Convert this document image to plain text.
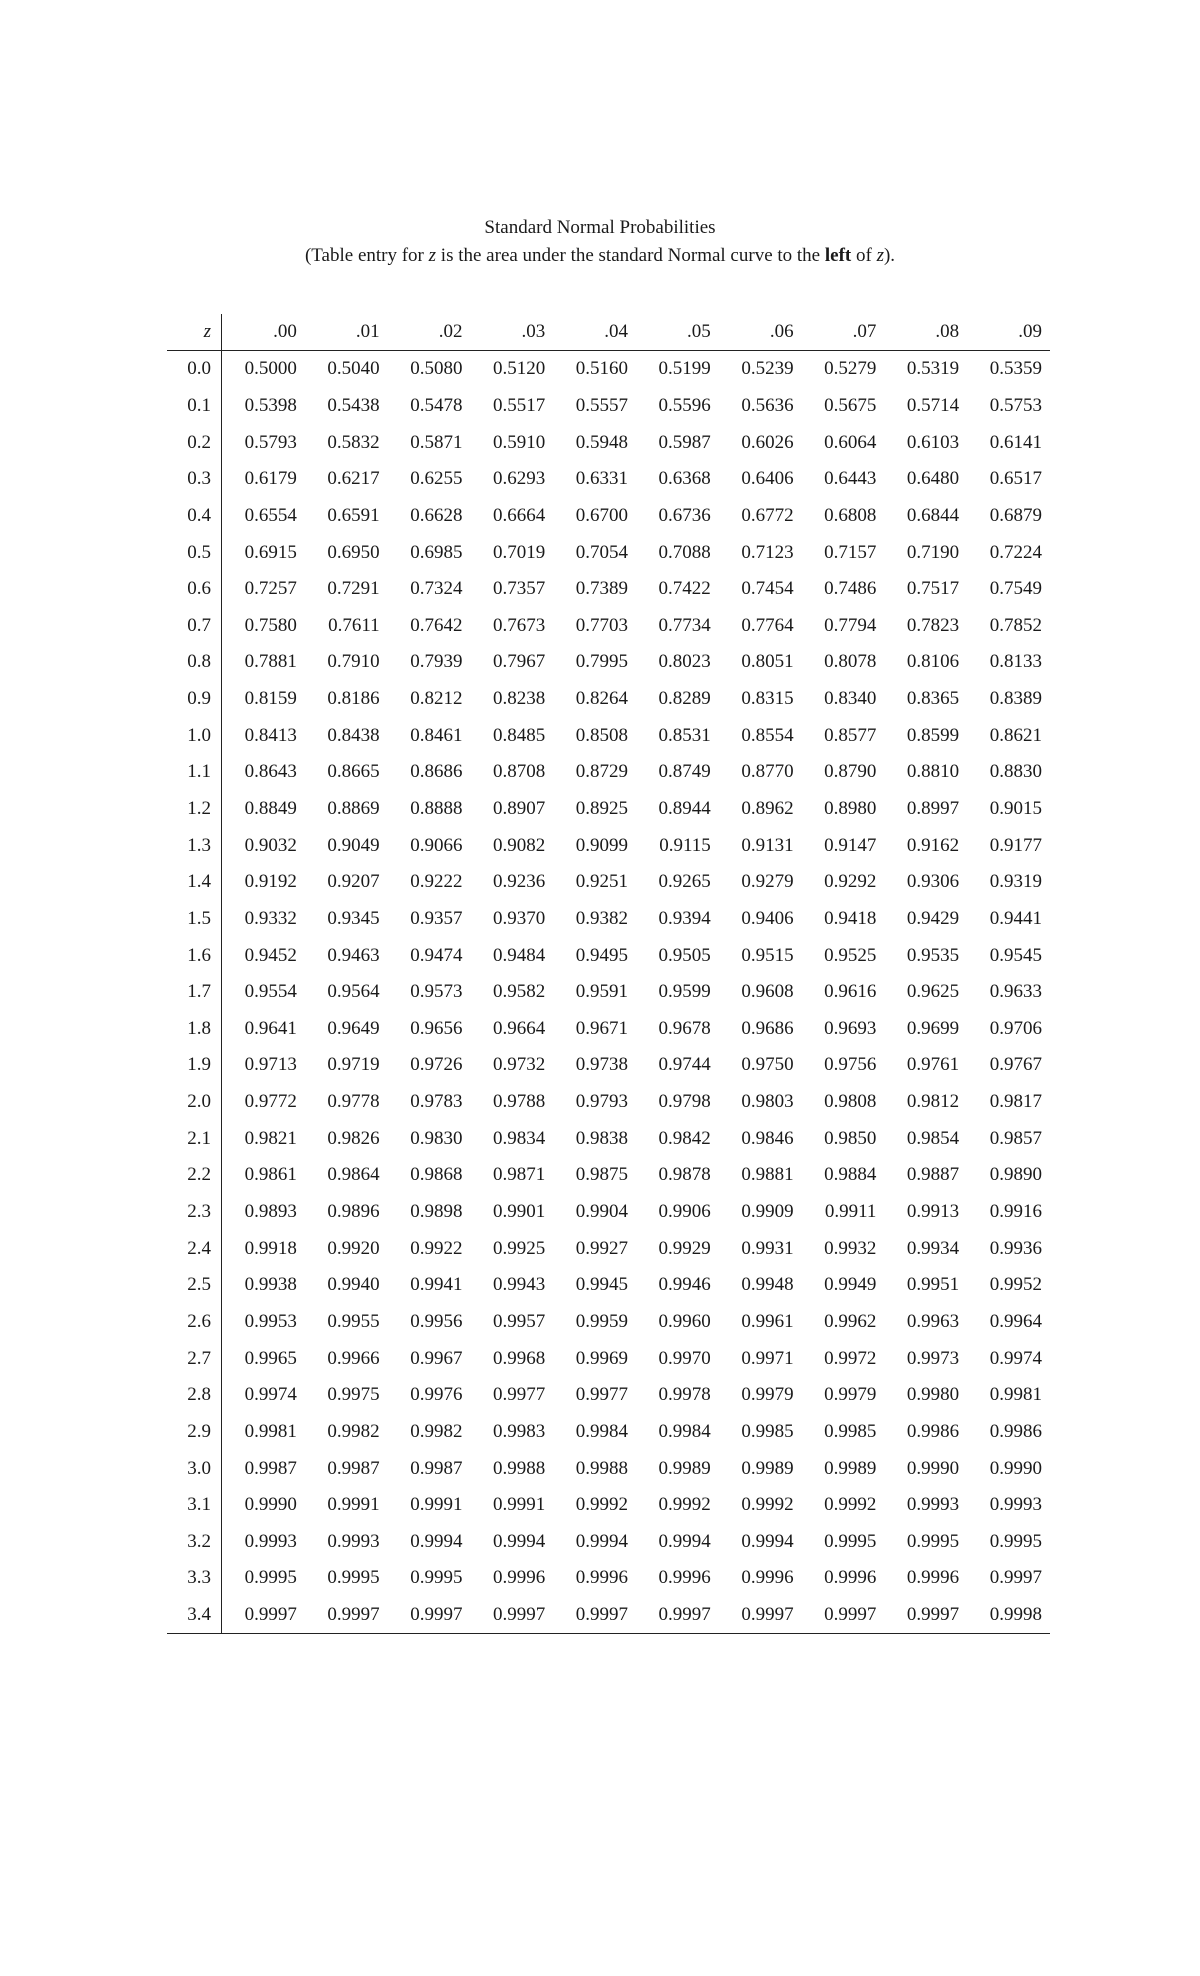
Standard Normal Probabilities
(Table entry for z is the area under the standard Normal curve to the left of z).
z	.00	.01	.02	.03	.04	.05	.06	.07	.08	.09
0.0	0.5000	0.5040	0.5080	0.5120	0.5160	0.5199	0.5239	0.5279	0.5319	0.5359
0.1	0.5398	0.5438	0.5478	0.5517	0.5557	0.5596	0.5636	0.5675	0.5714	0.5753
0.2	0.5793	0.5832	0.5871	0.5910	0.5948	0.5987	0.6026	0.6064	0.6103	0.6141
0.3	0.6179	0.6217	0.6255	0.6293	0.6331	0.6368	0.6406	0.6443	0.6480	0.6517
0.4	0.6554	0.6591	0.6628	0.6664	0.6700	0.6736	0.6772	0.6808	0.6844	0.6879
0.5	0.6915	0.6950	0.6985	0.7019	0.7054	0.7088	0.7123	0.7157	0.7190	0.7224
0.6	0.7257	0.7291	0.7324	0.7357	0.7389	0.7422	0.7454	0.7486	0.7517	0.7549
0.7	0.7580	0.7611	0.7642	0.7673	0.7703	0.7734	0.7764	0.7794	0.7823	0.7852
0.8	0.7881	0.7910	0.7939	0.7967	0.7995	0.8023	0.8051	0.8078	0.8106	0.8133
0.9	0.8159	0.8186	0.8212	0.8238	0.8264	0.8289	0.8315	0.8340	0.8365	0.8389
1.0	0.8413	0.8438	0.8461	0.8485	0.8508	0.8531	0.8554	0.8577	0.8599	0.8621
1.1	0.8643	0.8665	0.8686	0.8708	0.8729	0.8749	0.8770	0.8790	0.8810	0.8830
1.2	0.8849	0.8869	0.8888	0.8907	0.8925	0.8944	0.8962	0.8980	0.8997	0.9015
1.3	0.9032	0.9049	0.9066	0.9082	0.9099	0.9115	0.9131	0.9147	0.9162	0.9177
1.4	0.9192	0.9207	0.9222	0.9236	0.9251	0.9265	0.9279	0.9292	0.9306	0.9319
1.5	0.9332	0.9345	0.9357	0.9370	0.9382	0.9394	0.9406	0.9418	0.9429	0.9441
1.6	0.9452	0.9463	0.9474	0.9484	0.9495	0.9505	0.9515	0.9525	0.9535	0.9545
1.7	0.9554	0.9564	0.9573	0.9582	0.9591	0.9599	0.9608	0.9616	0.9625	0.9633
1.8	0.9641	0.9649	0.9656	0.9664	0.9671	0.9678	0.9686	0.9693	0.9699	0.9706
1.9	0.9713	0.9719	0.9726	0.9732	0.9738	0.9744	0.9750	0.9756	0.9761	0.9767
2.0	0.9772	0.9778	0.9783	0.9788	0.9793	0.9798	0.9803	0.9808	0.9812	0.9817
2.1	0.9821	0.9826	0.9830	0.9834	0.9838	0.9842	0.9846	0.9850	0.9854	0.9857
2.2	0.9861	0.9864	0.9868	0.9871	0.9875	0.9878	0.9881	0.9884	0.9887	0.9890
2.3	0.9893	0.9896	0.9898	0.9901	0.9904	0.9906	0.9909	0.9911	0.9913	0.9916
2.4	0.9918	0.9920	0.9922	0.9925	0.9927	0.9929	0.9931	0.9932	0.9934	0.9936
2.5	0.9938	0.9940	0.9941	0.9943	0.9945	0.9946	0.9948	0.9949	0.9951	0.9952
2.6	0.9953	0.9955	0.9956	0.9957	0.9959	0.9960	0.9961	0.9962	0.9963	0.9964
2.7	0.9965	0.9966	0.9967	0.9968	0.9969	0.9970	0.9971	0.9972	0.9973	0.9974
2.8	0.9974	0.9975	0.9976	0.9977	0.9977	0.9978	0.9979	0.9979	0.9980	0.9981
2.9	0.9981	0.9982	0.9982	0.9983	0.9984	0.9984	0.9985	0.9985	0.9986	0.9986
3.0	0.9987	0.9987	0.9987	0.9988	0.9988	0.9989	0.9989	0.9989	0.9990	0.9990
3.1	0.9990	0.9991	0.9991	0.9991	0.9992	0.9992	0.9992	0.9992	0.9993	0.9993
3.2	0.9993	0.9993	0.9994	0.9994	0.9994	0.9994	0.9994	0.9995	0.9995	0.9995
3.3	0.9995	0.9995	0.9995	0.9996	0.9996	0.9996	0.9996	0.9996	0.9996	0.9997
3.4	0.9997	0.9997	0.9997	0.9997	0.9997	0.9997	0.9997	0.9997	0.9997	0.9998
